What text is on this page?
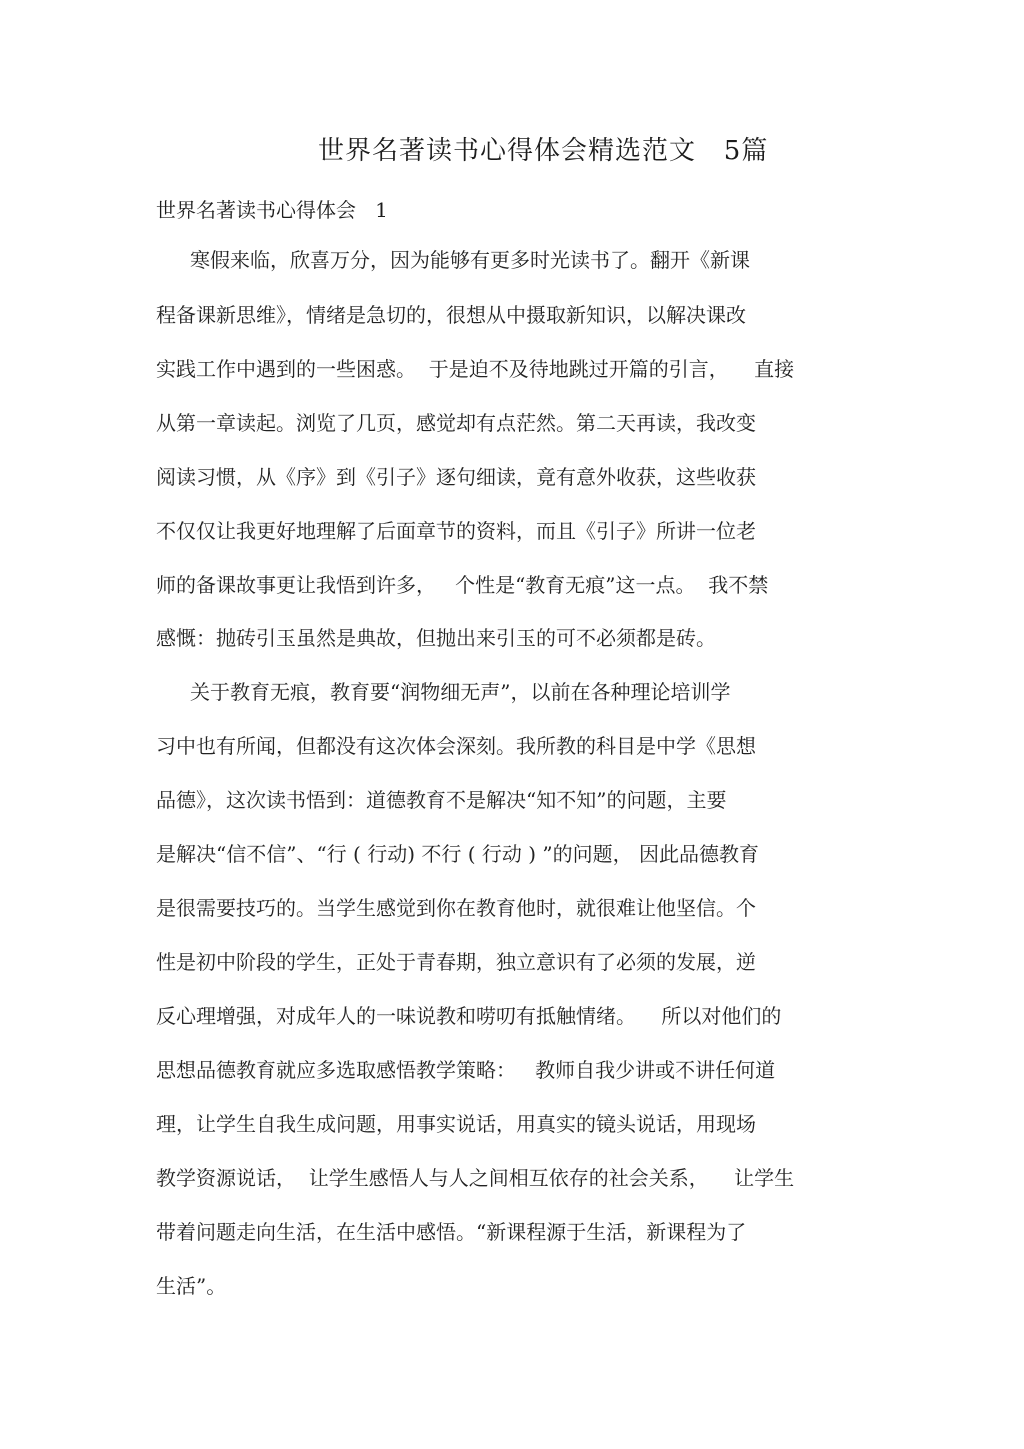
世界名著读书心得体会精选范文   5篇
世界名著读书心得体会   1
寒假来临，欣喜万分，因为能够有更多时光读书了。翻开《新课
程备课新思维》，情绪是急切的，很想从中摄取新知识，以解决课改
实践工作中遇到的一些困惑。  于是迫不及待地跳过开篇的引言，    直接
从第一章读起。浏览了几页，感觉却有点茫然。第二天再读，我改变
阅读习惯，从《序》到《引子》逐句细读，竟有意外收获，这些收获
不仅仅让我更好地理解了后面章节的资料，而且《引子》所讲一位老
师的备课故事更让我悟到许多，   个性是“教育无痕”这一点。  我不禁
感慨：抛砖引玉虽然是典故，但抛出来引玉的可不必须都是砖。
关于教育无痕，教育要“润物细无声”，以前在各种理论培训学
习中也有所闻，但都没有这次体会深刻。我所教的科目是中学《思想
品德》，这次读书悟到：道德教育不是解决“知不知”的问题，主要
是解决“信不信”、“行 ( 行动) 不行 ( 行动 ) ”的问题， 因此品德教育
是很需要技巧的。当学生感觉到你在教育他时，就很难让他坚信。个
性是初中阶段的学生，正处于青春期，独立意识有了必须的发展，逆
反心理增强，对成年人的一味说教和唠叨有抵触情绪。    所以对他们的
思想品德教育就应多选取感悟教学策略：   教师自我少讲或不讲任何道
理，让学生自我生成问题，用事实说话，用真实的镜头说话，用现场
教学资源说话，  让学生感悟人与人之间相互依存的社会关系，    让学生
带着问题走向生活，在生活中感悟。“新课程源于生活，新课程为了
生活”。
